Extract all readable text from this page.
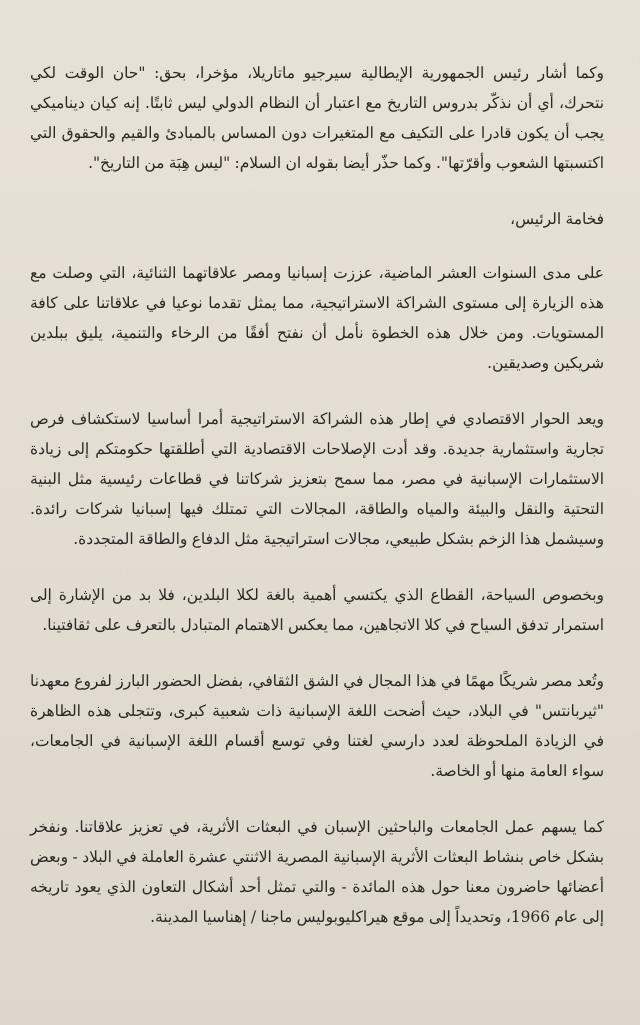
وكما أشار رئيس الجمهورية الإيطالية سيرجيو ماتاريلا، مؤخرا، بحق: "حان الوقت لكي نتحرك، أي أن نذكّر بدروس التاريخ مع اعتبار أن النظام الدولي ليس ثابتًا. إنه كيان ديناميكي يجب أن يكون قادرا على التكيف مع المتغيرات دون المساس بالمبادئ والقيم والحقوق التي اكتسبتها الشعوب وأقرّتها". وكما حذّر أيضا بقوله ان السلام: "ليس هِبَة من التاريخ".

فخامة الرئيس،

على مدى السنوات العشر الماضية، عززت إسبانيا ومصر علاقاتهما الثنائية، التي وصلت مع هذه الزيارة إلى مستوى الشراكة الاستراتيجية، مما يمثل تقدما نوعيا في علاقاتنا على كافة المستويات. ومن خلال هذه الخطوة نأمل أن نفتح أفقًا من الرخاء والتنمية، يليق ببلدين شريكين وصديقين.

ويعد الحوار الاقتصادي في إطار هذه الشراكة الاستراتيجية أمرا أساسيا لاستكشاف فرص تجارية واستثمارية جديدة. وقد أدت الإصلاحات الاقتصادية التي أطلقتها حكومتكم إلى زيادة الاستثمارات الإسبانية في مصر، مما سمح بتعزيز شركاتنا في قطاعات رئيسية مثل البنية التحتية والنقل والبيئة والمياه والطاقة، المجالات التي تمتلك فيها إسبانيا شركات رائدة. وسيشمل هذا الزخم بشكل طبيعي، مجالات استراتيجية مثل الدفاع والطاقة المتجددة.

وبخصوص السياحة، القطاع الذي يكتسي أهمية بالغة لكلا البلدين، فلا بد من الإشارة إلى استمرار تدفق السياح في كلا الاتجاهين، مما يعكس الاهتمام المتبادل بالتعرف على ثقافتينا.

وتُعد مصر شريكًا مهمًا في هذا المجال في الشق الثقافي، بفضل الحضور البارز لفروع معهدنا "ثيربانتس" في البلاد، حيث أضحت اللغة الإسبانية ذات شعبية كبرى، وتتجلى هذه الظاهرة في الزيادة الملحوظة لعدد دارسي لغتنا وفي توسع أقسام اللغة الإسبانية في الجامعات، سواء العامة منها أو الخاصة.

كما يسهم عمل الجامعات والباحثين الإسبان في البعثات الأثرية، في تعزيز علاقاتنا. ونفخر بشكل خاص بنشاط البعثات الأثرية الإسبانية المصرية الاثنتي عشرة العاملة في البلاد - وبعض أعضائها حاضرون معنا حول هذه المائدة - والتي تمثل أحد أشكال التعاون الذي يعود تاريخه إلى عام 1966، وتحديداً إلى موقع هيراكليوبوليس ماجنا / إهناسيا المدينة.
